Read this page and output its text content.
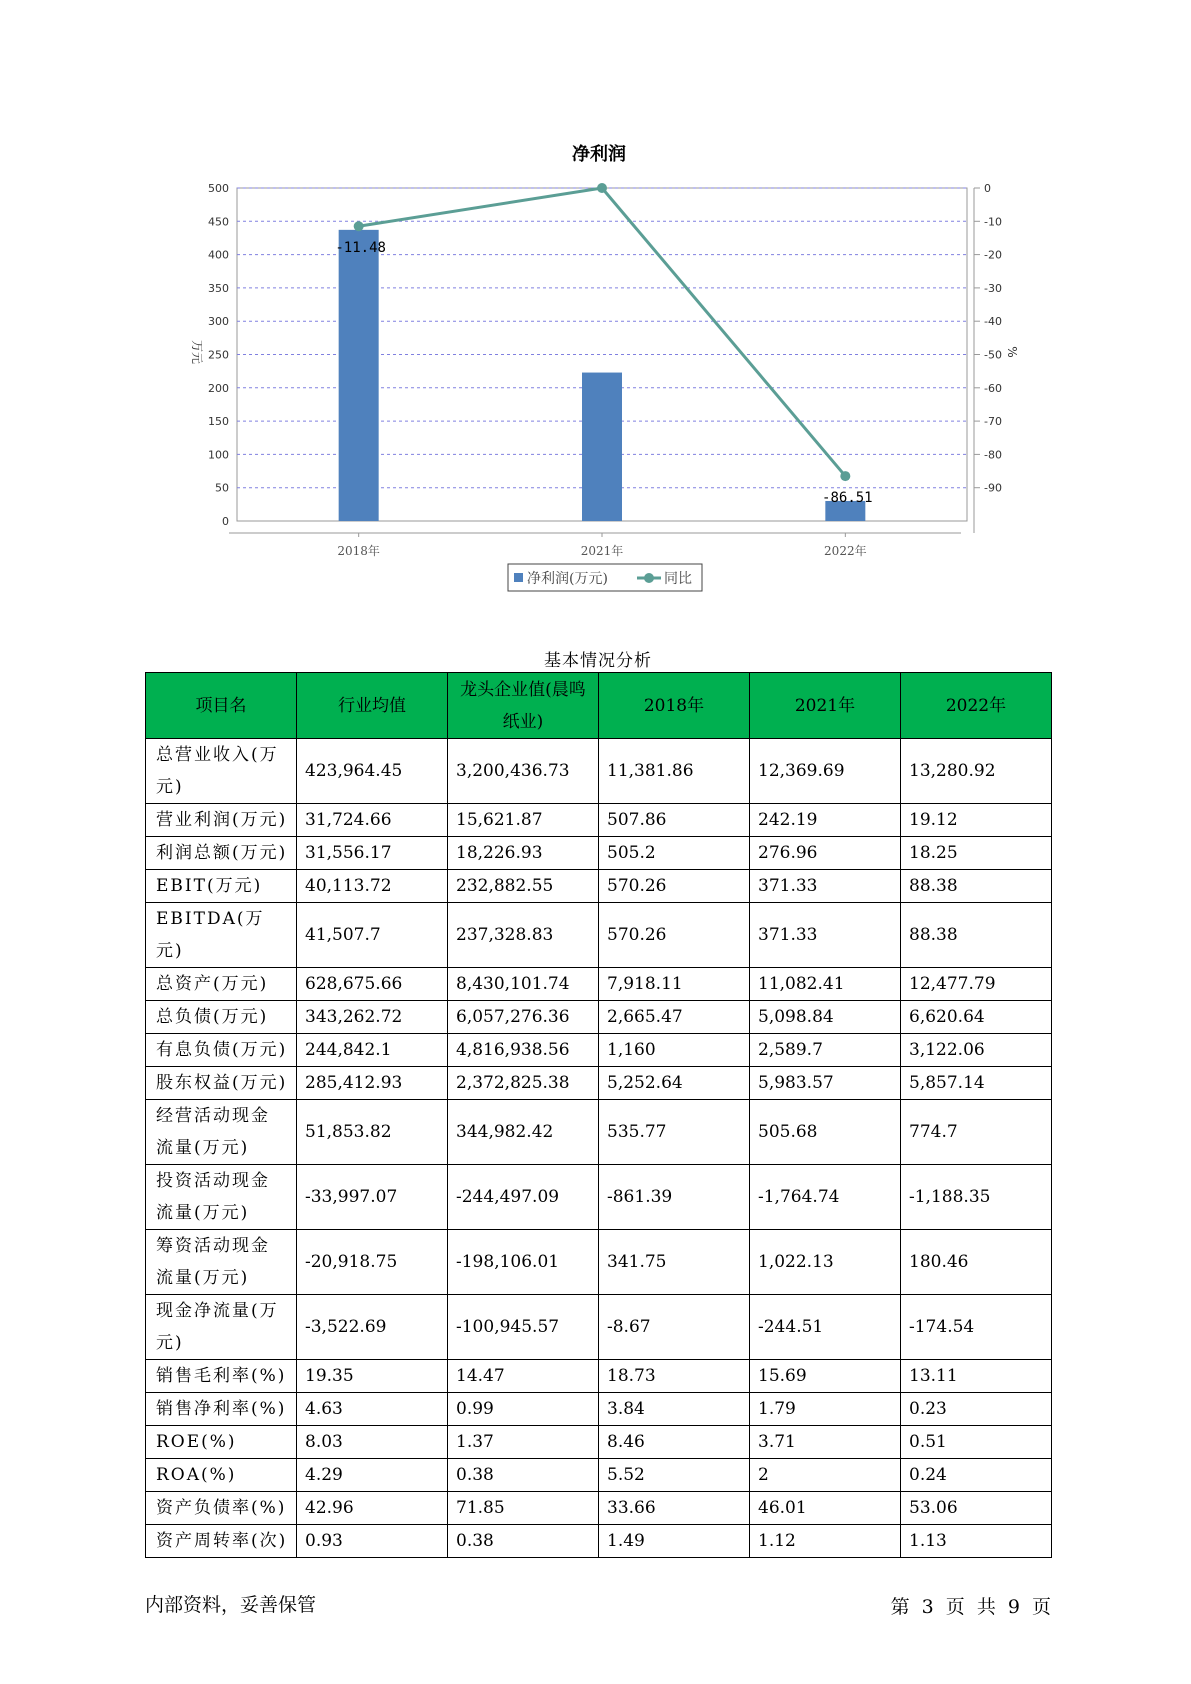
净利润
-11.48
-86.51
0
50
100
150
200
250
300
350
400
450
500	0
-10
-20
-30
-40
-50
-60
-70
-80
-90
2018年	2021年	2022年
万元	%
净利润(万元)	同比
基本情况分析
项目名	行业均值	龙头企业值(晨鸣纸业)	2018年	2021年	2022年
总营业收入(万元)	423,964.45	3,200,436.73	11,381.86	12,369.69	13,280.92
营业利润(万元)	31,724.66	15,621.87	507.86	242.19	19.12
利润总额(万元)	31,556.17	18,226.93	505.2	276.96	18.25
EBIT(万元)	40,113.72	232,882.55	570.26	371.33	88.38
EBITDA(万元)	41,507.7	237,328.83	570.26	371.33	88.38
总资产(万元)	628,675.66	8,430,101.74	7,918.11	11,082.41	12,477.79
总负债(万元)	343,262.72	6,057,276.36	2,665.47	5,098.84	6,620.64
有息负债(万元)	244,842.1	4,816,938.56	1,160	2,589.7	3,122.06
股东权益(万元)	285,412.93	2,372,825.38	5,252.64	5,983.57	5,857.14
经营活动现金流量(万元)	51,853.82	344,982.42	535.77	505.68	774.7
投资活动现金流量(万元)	-33,997.07	-244,497.09	-861.39	-1,764.74	-1,188.35
筹资活动现金流量(万元)	-20,918.75	-198,106.01	341.75	1,022.13	180.46
现金净流量(万元)	-3,522.69	-100,945.57	-8.67	-244.51	-174.54
销售毛利率(%)	19.35	14.47	18.73	15.69	13.11
销售净利率(%)	4.63	0.99	3.84	1.79	0.23
ROE(%)	8.03	1.37	8.46	3.71	0.51
ROA(%)	4.29	0.38	5.52	2	0.24
资产负债率(%)	42.96	71.85	33.66	46.01	53.06
资产周转率(次)	0.93	0.38	1.49	1.12	1.13
内部资料，妥善保管	第 3 页 共 9 页
